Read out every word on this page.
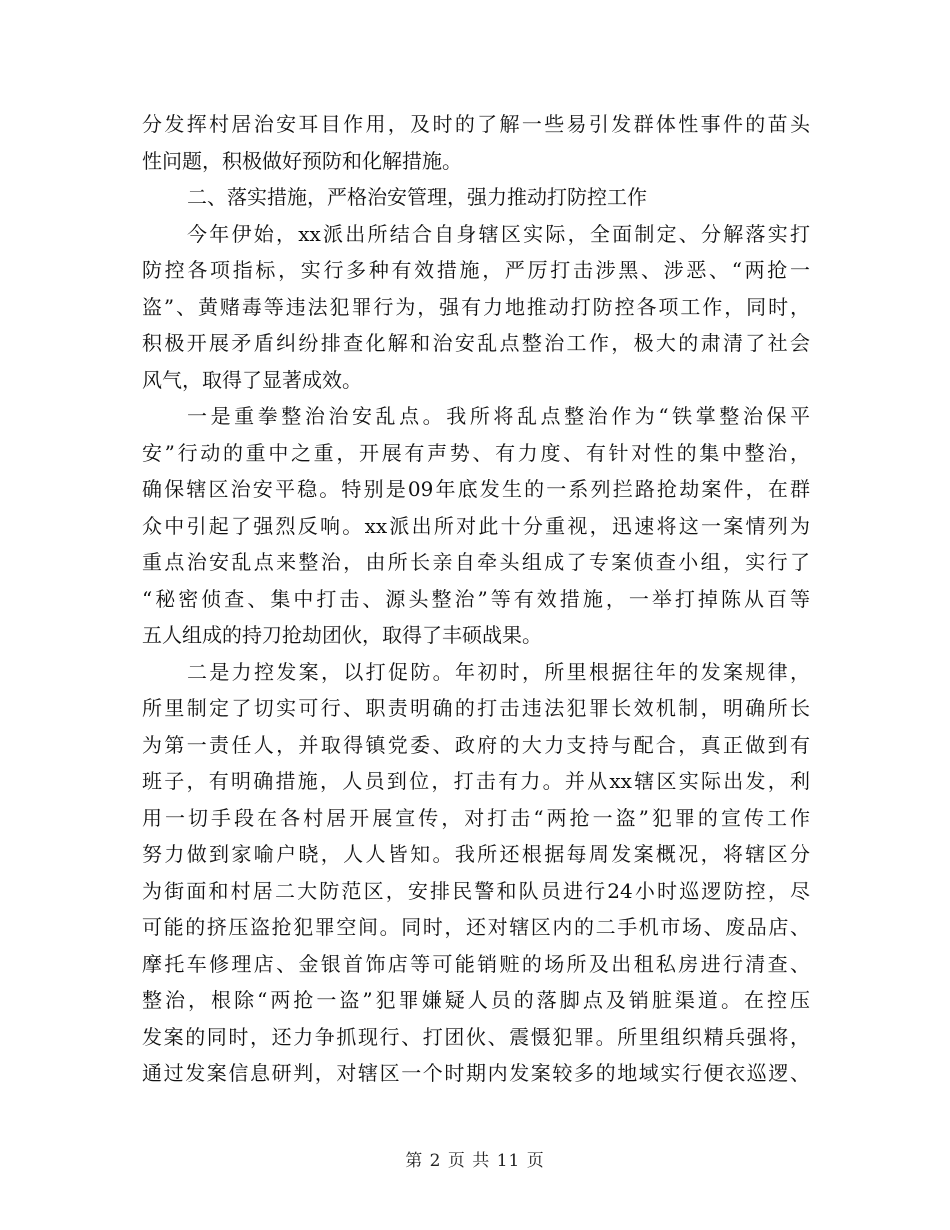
分发挥村居治安耳目作用，及时的了解一些易引发群体性事件的苗头
性问题，积极做好预防和化解措施。
二、落实措施，严格治安管理，强力推动打防控工作
今年伊始，xx派出所结合自身辖区实际，全面制定、分解落实打
防控各项指标，实行多种有效措施，严厉打击涉黑、涉恶、“两抢一
盗”、黄赌毒等违法犯罪行为，强有力地推动打防控各项工作，同时，
积极开展矛盾纠纷排查化解和治安乱点整治工作，极大的肃清了社会
风气，取得了显著成效。
一是重拳整治治安乱点。我所将乱点整治作为“铁掌整治保平
安”行动的重中之重，开展有声势、有力度、有针对性的集中整治，
确保辖区治安平稳。特别是09年底发生的一系列拦路抢劫案件，在群
众中引起了强烈反响。xx派出所对此十分重视，迅速将这一案情列为
重点治安乱点来整治，由所长亲自牵头组成了专案侦查小组，实行了
“秘密侦查、集中打击、源头整治”等有效措施，一举打掉陈从百等
五人组成的持刀抢劫团伙，取得了丰硕战果。
二是力控发案，以打促防。年初时，所里根据往年的发案规律，
所里制定了切实可行、职责明确的打击违法犯罪长效机制，明确所长
为第一责任人，并取得镇党委、政府的大力支持与配合，真正做到有
班子，有明确措施，人员到位，打击有力。并从xx辖区实际出发，利
用一切手段在各村居开展宣传，对打击“两抢一盗”犯罪的宣传工作
努力做到家喻户晓，人人皆知。我所还根据每周发案概况，将辖区分
为街面和村居二大防范区，安排民警和队员进行24小时巡逻防控，尽
可能的挤压盗抢犯罪空间。同时，还对辖区内的二手机市场、废品店、
摩托车修理店、金银首饰店等可能销赃的场所及出租私房进行清查、
整治，根除“两抢一盗”犯罪嫌疑人员的落脚点及销脏渠道。在控压
发案的同时，还力争抓现行、打团伙、震慑犯罪。所里组织精兵强将，
通过发案信息研判，对辖区一个时期内发案较多的地域实行便衣巡逻、
第 2 页 共 11 页
